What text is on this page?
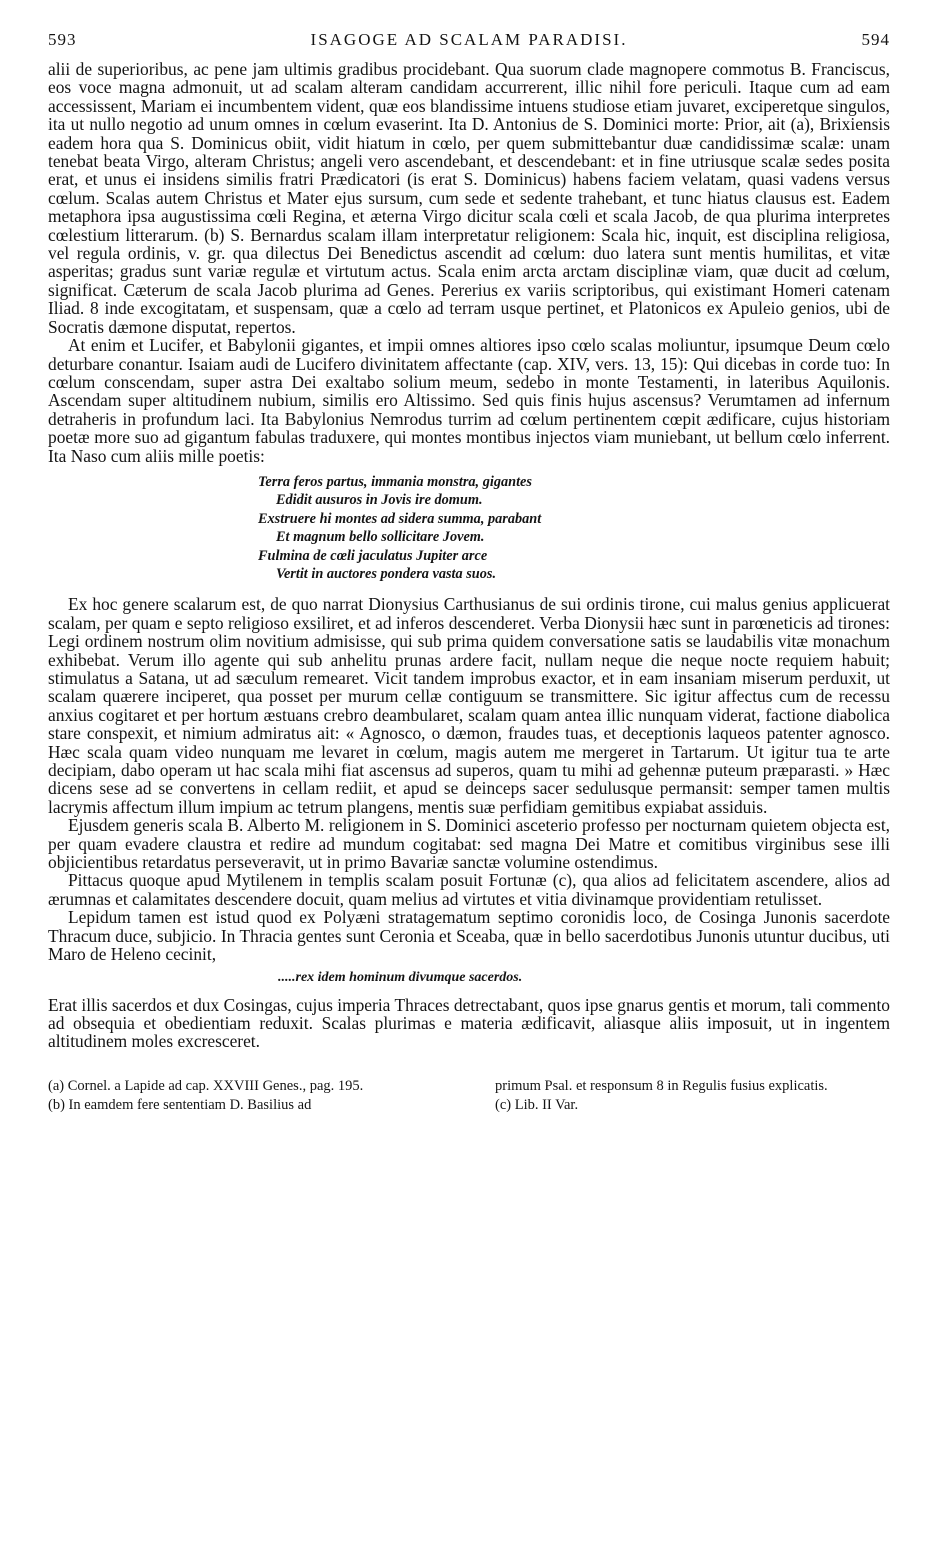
593	ISAGOGE AD SCALAM PARADISI.	594

alii de superioribus, ac pene jam ultimis gradibus procidebant. Qua suorum clade magnopere commotus B. Franciscus, eos voce magna admonuit, ut ad scalam alteram candidam accurrerent, illic nihil fore periculi. Itaque cum ad eam accessissent, Mariam ei incumbentem vident, quæ eos blandissime intuens studiose etiam juvaret, exciperetque singulos, ita ut nullo negotio ad unum omnes in cœlum evaserint. Ita D. Antonius de S. Dominici morte: Prior, ait (a), Brixiensis eadem hora qua S. Dominicus obiit, vidit hiatum in cœlo, per quem submittebantur duæ candidissimæ scalæ: unam tenebat beata Virgo, alteram Christus; angeli vero ascendebant, et descendebant: et in fine utriusque scalæ sedes posita erat, et unus ei insidens similis fratri Prædicatori (is erat S. Dominicus) habens faciem velatam, quasi vadens versus cœlum. Scalas autem Christus et Mater ejus sursum, cum sede et sedente trahebant, et tunc hiatus clausus est. Eadem metaphora ipsa augustissima cœli Regina, et æterna Virgo dicitur scala cœli et scala Jacob, de qua plurima interpretes cœlestium litterarum. (b) S. Bernardus scalam illam interpretatur religionem: Scala hic, inquit, est disciplina religiosa, vel regula ordinis, v. gr. qua dilectus Dei Benedictus ascendit ad cœlum: duo latera sunt mentis humilitas, et vitæ asperitas; gradus sunt variæ regulæ et virtutum actus. Scala enim arcta arctam disciplinæ viam, quæ ducit ad cœlum, significat. Cæterum de scala Jacob plurima ad Genes. Pererius ex variis scriptoribus, qui existimant Homeri catenam Iliad. 8 inde excogitatam, et suspensam, quæ a cœlo ad terram usque pertinet, et Platonicos ex Apuleio genios, ubi de Socratis dæmone disputat, repertos.

At enim et Lucifer, et Babylonii gigantes, et impii omnes altiores ipso cœlo scalas moliuntur, ipsumque Deum cœlo deturbare conantur. Isaiam audi de Lucifero divinitatem affectante (cap. XIV, vers. 13, 15): Qui dicebas in corde tuo: In cœlum conscendam, super astra Dei exaltabo solium meum, sedebo in monte Testamenti, in lateribus Aquilonis. Ascendam super altitudinem nubium, similis ero Altissimo. Sed quis finis hujus ascensus? Verumtamen ad infernum detraheris in profundum laci. Ita Babylonius Nemrodus turrim ad cœlum pertinentem cœpit ædificare, cujus historiam poetæ more suo ad gigantum fabulas traduxere, qui montes montibus injectos viam muniebant, ut bellum cœlo inferrent. Ita Naso cum aliis mille poetis:

Terra feros partus, immania monstra, gigantes
Edidit ausuros in Jovis ire domum.
Exstruere hi montes ad sidera summa, parabant
Et magnum bello sollicitare Jovem.
Fulmina de cœli jaculatus Jupiter arce
Vertit in auctores pondera vasta suos.

Ex hoc genere scalarum est, de quo narrat Dionysius Carthusianus de sui ordinis tirone, cui malus genius applicuerat scalam, per quam e septo religioso exsiliret, et ad inferos descenderet. Verba Dionysii hæc sunt in parœneticis ad tirones: Legi ordinem nostrum olim novitium admisisse, qui sub prima quidem conversatione satis se laudabilis vitæ monachum exhibebat. Verum illo agente qui sub anhelitu prunas ardere facit, nullam neque die neque nocte requiem habuit; stimulatus a Satana, ut ad sæculum remearet. Vicit tandem improbus exactor, et in eam insaniam miserum perduxit, ut scalam quærere inciperet, qua posset per murum cellæ contiguum se transmittere. Sic igitur affectus cum de recessu anxius cogitaret et per hortum æstuans crebro deambularet, scalam quam antea illic nunquam viderat, factione diabolica stare conspexit, et nimium admiratus ait: « Agnosco, o dæmon, fraudes tuas, et deceptionis laqueos patenter agnosco. Hæc scala quam video nunquam me levaret in cœlum, magis autem me mergeret in Tartarum. Ut igitur tua te arte decipiam, dabo operam ut hac scala mihi fiat ascensus ad superos, quam tu mihi ad gehennæ puteum præparasti. » Hæc dicens sese ad se convertens in cellam rediit, et apud se deinceps sacer sedulusque permansit: semper tamen multis lacrymis affectum illum impium ac tetrum plangens, mentis suæ perfidiam gemitibus expiabat assiduis.

Ejusdem generis scala B. Alberto M. religionem in S. Dominici asceterio professo per nocturnam quietem objecta est, per quam evadere claustra et redire ad mundum cogitabat: sed magna Dei Matre et comitibus virginibus sese illi objicientibus retardatus perseveravit, ut in primo Bavariæ sanctæ volumine ostendimus.

Pittacus quoque apud Mytilenem in templis scalam posuit Fortunæ (c), qua alios ad felicitatem ascendere, alios ad ærumnas et calamitates descendere docuit, quam melius ad virtutes et vitia divinamque providentiam retulisset.

Lepidum tamen est istud quod ex Polyæni stratagematum septimo coronidis loco, de Cosinga Junonis sacerdote Thracum duce, subjicio. In Thracia gentes sunt Ceronia et Sceaba, quæ in bello sacerdotibus Junonis utuntur ducibus, uti Maro de Heleno cecinit,

.....rex idem hominum divumque sacerdos.

Erat illis sacerdos et dux Cosingas, cujus imperia Thraces detrectabant, quos ipse gnarus gentis et morum, tali commento ad obsequia et obedientiam reduxit. Scalas plurimas e materia ædificavit, aliasque aliis imposuit, ut in ingentem altitudinem moles excresceret.

(a) Cornel. a Lapide ad cap. XXVIII Genes., pag. 195.

(b) In eamdem fere sententiam D. Basilius ad

primum Psal. et responsum 8 in Regulis fusius explicatis.

(c) Lib. II Var.
